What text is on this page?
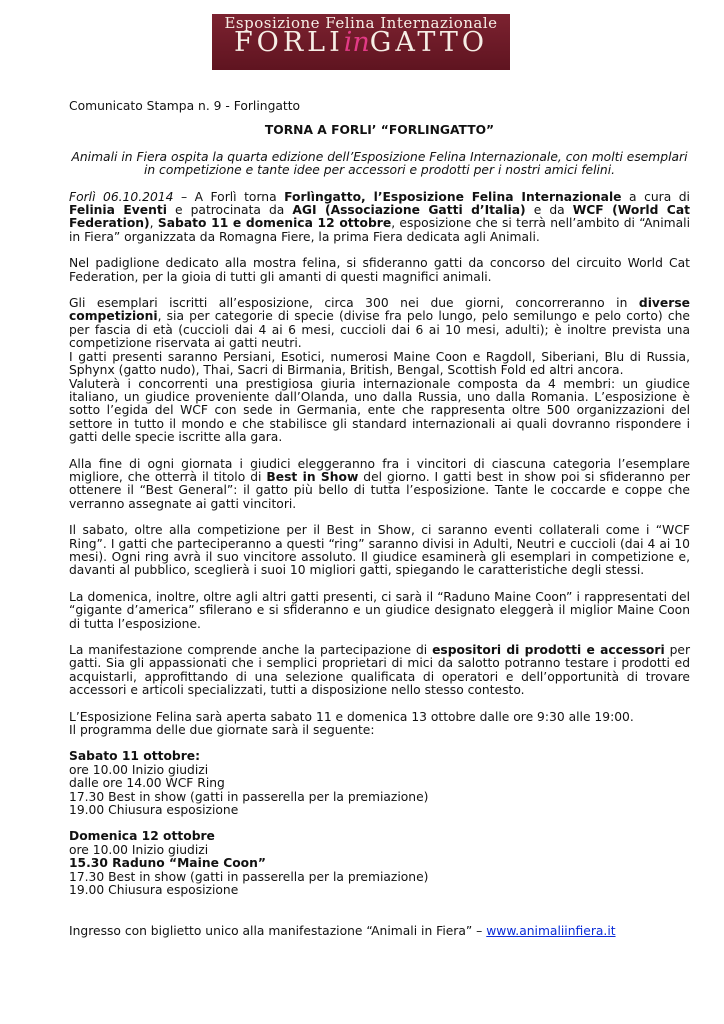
Esposizione Felina Internazionale
FORLIinGATTO

Comunicato Stampa n. 9 - Forlingatto

TORNA A FORLI’ “FORLINGATTO”

Animali in Fiera ospita la quarta edizione dell’Esposizione Felina Internazionale, con molti esemplari in competizione e tante idee per accessori e prodotti per i nostri amici felini.

Forlì 06.10.2014 – A Forlì torna Forlìngatto, l’Esposizione Felina Internazionale a cura di Felinia Eventi e patrocinata da AGI (Associazione Gatti d’Italia) e da WCF (World Cat Federation), Sabato 11 e domenica 12 ottobre, esposizione che si terrà nell’ambito di “Animali in Fiera” organizzata da Romagna Fiere, la prima Fiera dedicata agli Animali.

Nel padiglione dedicato alla mostra felina, si sfideranno gatti da concorso del circuito World Cat Federation, per la gioia di tutti gli amanti di questi magnifici animali.

Gli esemplari iscritti all’esposizione, circa 300 nei due giorni, concorreranno in diverse competizioni, sia per categorie di specie (divise fra pelo lungo, pelo semilungo e pelo corto) che per fascia di età (cuccioli dai 4 ai 6 mesi, cuccioli dai 6 ai 10 mesi, adulti); è inoltre prevista una competizione riservata ai gatti neutri.

I gatti presenti saranno Persiani, Esotici, numerosi Maine Coon e Ragdoll, Siberiani, Blu di Russia, Sphynx (gatto nudo), Thai, Sacri di Birmania, British, Bengal, Scottish Fold ed altri ancora.

Valuterà i concorrenti una prestigiosa giuria internazionale composta da 4 membri: un giudice italiano, un giudice proveniente dall’Olanda, uno dalla Russia, uno dalla Romania. L’esposizione è sotto l’egida del WCF con sede in Germania, ente che rappresenta oltre 500 organizzazioni del settore in tutto il mondo e che stabilisce gli standard internazionali ai quali dovranno rispondere i gatti delle specie iscritte alla gara.

Alla fine di ogni giornata i giudici eleggeranno fra i vincitori di ciascuna categoria l’esemplare migliore, che otterrà il titolo di Best in Show del giorno. I gatti best in show poi si sfideranno per ottenere il “Best General”: il gatto più bello di tutta l’esposizione. Tante le coccarde e coppe che verranno assegnate ai gatti vincitori.

Il sabato, oltre alla competizione per il Best in Show, ci saranno eventi collaterali come i “WCF Ring”. I gatti che parteciperanno a questi “ring” saranno divisi in Adulti, Neutri e cuccioli (dai 4 ai 10 mesi). Ogni ring avrà il suo vincitore assoluto. Il giudice esaminerà gli esemplari in competizione e, davanti al pubblico, sceglierà i suoi 10 migliori gatti, spiegando le caratteristiche degli stessi.

La domenica, inoltre, oltre agli altri gatti presenti, ci sarà il “Raduno Maine Coon” i rappresentati del “gigante d’america” sfilerano e si sfideranno e un giudice designato eleggerà il miglior Maine Coon di tutta l’esposizione.

La manifestazione comprende anche la partecipazione di espositori di prodotti e accessori per gatti. Sia gli appassionati che i semplici proprietari di mici da salotto potranno testare i prodotti ed acquistarli, approfittando di una selezione qualificata di operatori e dell’opportunità di trovare accessori e articoli specializzati, tutti a disposizione nello stesso contesto.

L’Esposizione Felina sarà aperta sabato 11 e domenica 13 ottobre dalle ore 9:30 alle 19:00.

Il programma delle due giornate sarà il seguente:

Sabato 11 ottobre:
ore 10.00 Inizio giudizi
dalle ore 14.00 WCF Ring
17.30 Best in show (gatti in passerella per la premiazione)
19.00 Chiusura esposizione
Domenica 12 ottobre
ore 10.00 Inizio giudizi
15.30 Raduno “Maine Coon”
17.30 Best in show (gatti in passerella per la premiazione)
19.00 Chiusura esposizione

Ingresso con biglietto unico alla manifestazione “Animali in Fiera” – www.animaliinfiera.it
